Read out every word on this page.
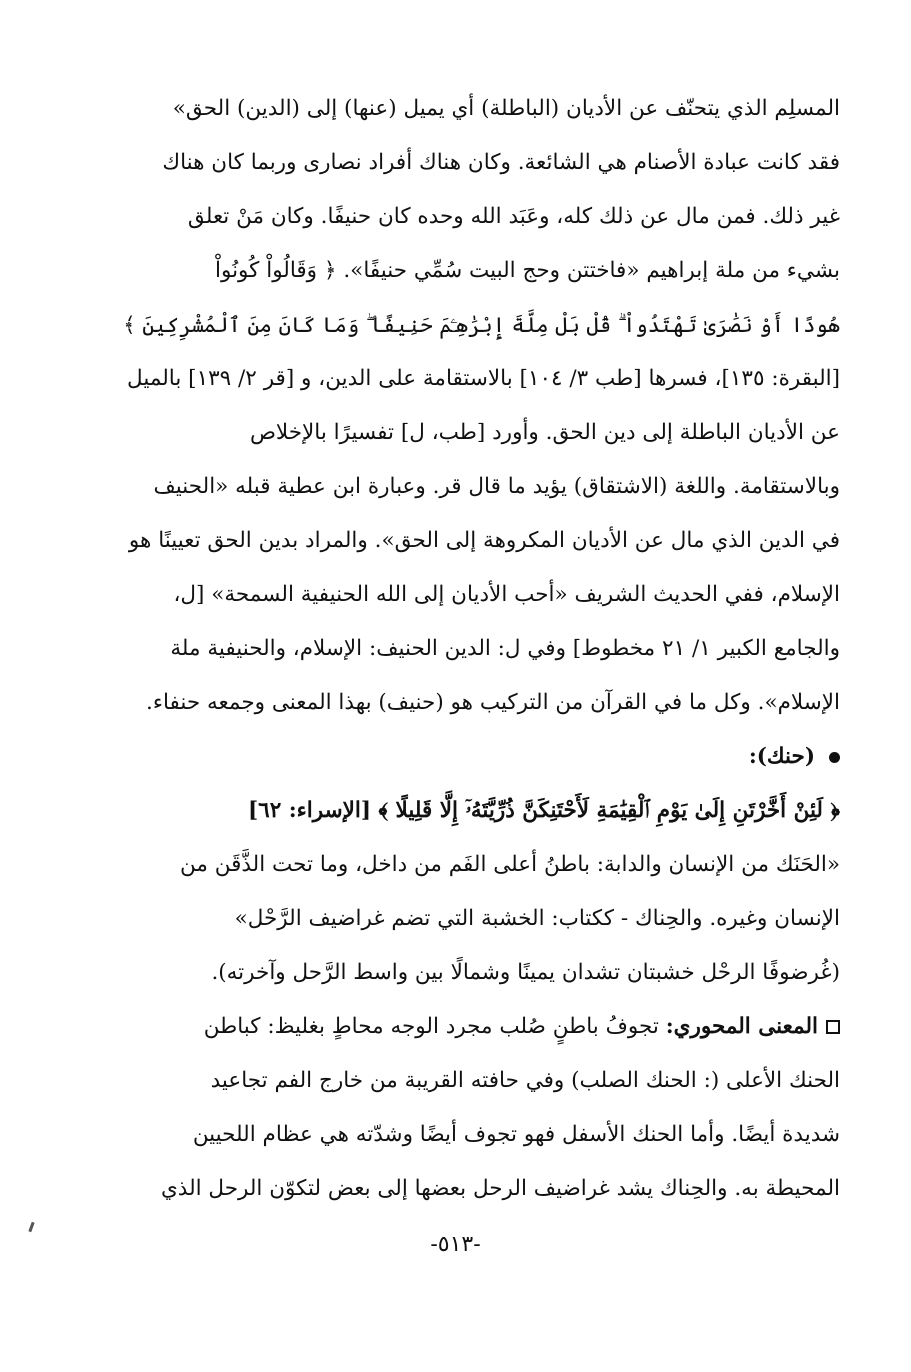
المسلِم الذي يتحنّف عن الأديان (الباطلة) أي يميل (عنها) إلى (الدين) الحق»
فقد كانت عبادة الأصنام هي الشائعة. وكان هناك أفراد نصارى وربما كان هناك
غير ذلك. فمن مال عن ذلك كله، وعَبَد الله وحده كان حنيفًا. وكان مَنْ تعلق
بشيء من ملة إبراهيم «فاختتن وحج البيت سُمِّي حنيفًا». ﴿ وَقَالُواْ كُونُواْ
هُودًا أَوْ نَصَٰرَىٰ تَهْتَدُواْ ۗ قُلْ بَلْ مِلَّةَ إِبْرَٰهِـۧمَ حَنِيفًا ۖ وَمَا كَانَ مِنَ ٱلْمُشْرِكِينَ ﴾
[البقرة: ١٣٥]، فسرها [طب ٣/ ١٠٤] بالاستقامة على الدين، و [قر ٢/ ١٣٩] بالميل
عن الأديان الباطلة إلى دين الحق. وأورد [طب، ل] تفسيرًا بالإخلاص
وبالاستقامة. واللغة (الاشتقاق) يؤيد ما قال قر. وعبارة ابن عطية قبله «الحنيف
في الدين الذي مال عن الأديان المكروهة إلى الحق». والمراد بدين الحق تعيينًا هو
الإسلام، ففي الحديث الشريف «أحب الأديان إلى الله الحنيفية السمحة» [ل،
والجامع الكبير ١/ ٢١ مخطوط] وفي ل: الدين الحنيف: الإسلام، والحنيفية ملة
الإسلام». وكل ما في القرآن من التركيب هو (حنيف) بهذا المعنى وجمعه حنفاء.
(حنك):
﴿ لَئِنْ أَخَّرْتَنِ إِلَىٰ يَوْمِ ٱلْقِيَٰمَةِ لَأَحْتَنِكَنَّ ذُرِّيَّتَهُۥٓ إِلَّا قَلِيلًا ﴾ [الإسراء: ٦٢]
«الحَنَك من الإنسان والدابة: باطنُ أعلى الفَم من داخل، وما تحت الذَّقَن من
الإنسان وغيره. والحِناك - ككتاب: الخشبة التي تضم غراضيف الرَّحْل»
(غُرضوفًا الرحْل خشبتان تشدان يمينًا وشمالًا بين واسط الرَّحل وآخرته).
المعنى المحوري: تجوفُ باطنٍ صُلب مجرد الوجه محاطٍ بغليظ: كباطن
الحنك الأعلى (: الحنك الصلب) وفي حافته القريبة من خارج الفم تجاعيد
شديدة أيضًا. وأما الحنك الأسفل فهو تجوف أيضًا وشدّته هي عظام اللحيين
المحيطة به. والحِناك يشد غراضيف الرحل بعضها إلى بعض لتكوّن الرحل الذي
-٥١٣-
